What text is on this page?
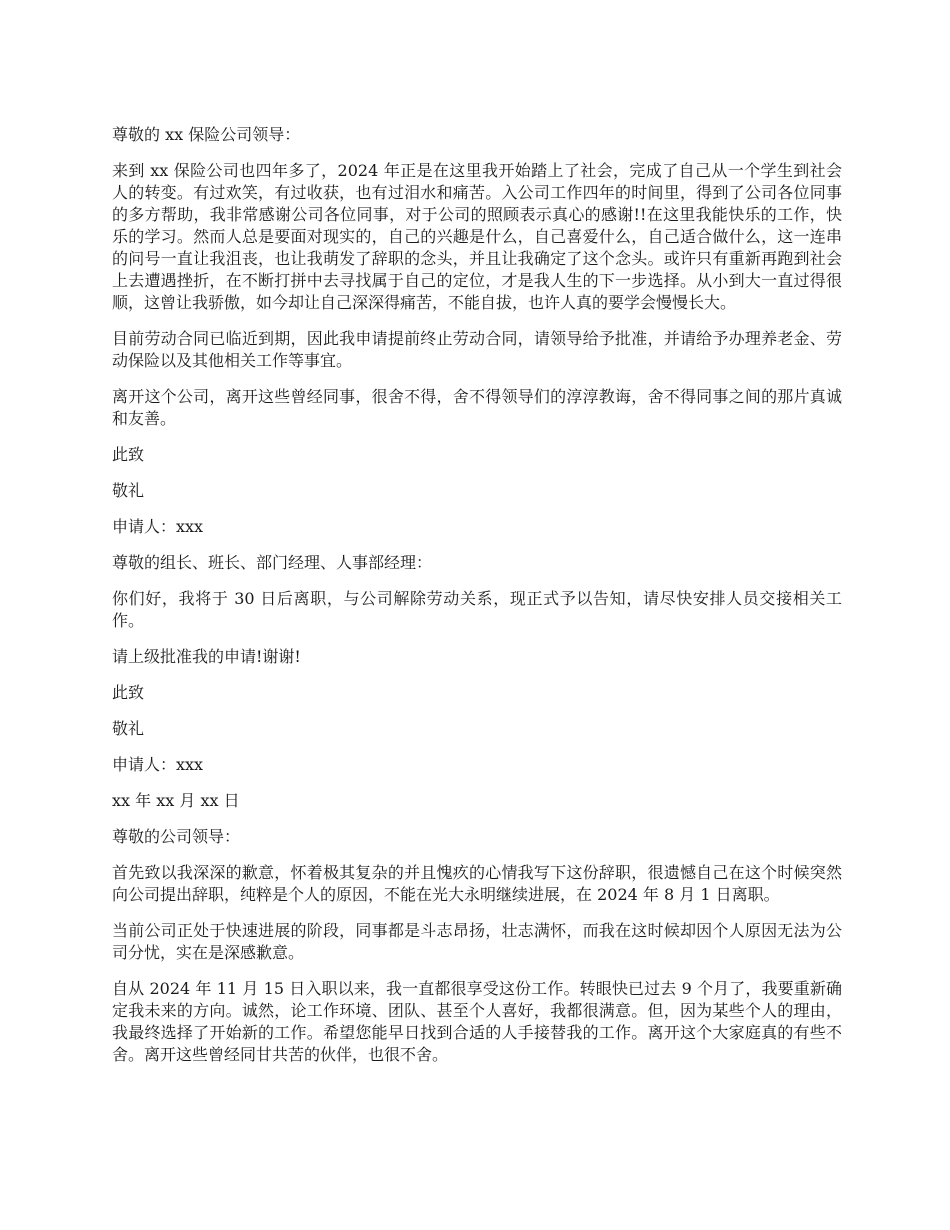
尊敬的 xx 保险公司领导：

来到 xx 保险公司也四年多了，2024 年正是在这里我开始踏上了社会，完成了自己从一个学生到社会人的转变。有过欢笑，有过收获，也有过泪水和痛苦。入公司工作四年的时间里，得到了公司各位同事的多方帮助，我非常感谢公司各位同事，对于公司的照顾表示真心的感谢!!在这里我能快乐的工作，快乐的学习。然而人总是要面对现实的，自己的兴趣是什么，自己喜爱什么，自己适合做什么，这一连串的问号一直让我沮丧，也让我萌发了辞职的念头，并且让我确定了这个念头。或许只有重新再跑到社会上去遭遇挫折，在不断打拼中去寻找属于自己的定位，才是我人生的下一步选择。从小到大一直过得很顺，这曾让我骄傲，如今却让自己深深得痛苦，不能自拔，也许人真的要学会慢慢长大。

目前劳动合同已临近到期，因此我申请提前终止劳动合同，请领导给予批准，并请给予办理养老金、劳动保险以及其他相关工作等事宜。

离开这个公司，离开这些曾经同事，很舍不得，舍不得领导们的淳淳教诲，舍不得同事之间的那片真诚和友善。

此致

敬礼

申请人：xxx

尊敬的组长、班长、部门经理、人事部经理：

你们好，我将于 30 日后离职，与公司解除劳动关系，现正式予以告知，请尽快安排人员交接相关工作。

请上级批准我的申请!谢谢!

此致

敬礼

申请人：xxx

xx 年 xx 月 xx 日

尊敬的公司领导：

首先致以我深深的歉意，怀着极其复杂的并且愧疚的心情我写下这份辞职，很遗憾自己在这个时候突然向公司提出辞职，纯粹是个人的原因，不能在光大永明继续进展，在 2024 年 8 月 1 日离职。

当前公司正处于快速进展的阶段，同事都是斗志昂扬，壮志满怀，而我在这时候却因个人原因无法为公司分忧，实在是深感歉意。

自从 2024 年 11 月 15 日入职以来，我一直都很享受这份工作。转眼快已过去 9 个月了，我要重新确定我未来的方向。诚然，论工作环境、团队、甚至个人喜好，我都很满意。但，因为某些个人的理由，我最终选择了开始新的工作。希望您能早日找到合适的人手接替我的工作。离开这个大家庭真的有些不舍。离开这些曾经同甘共苦的伙伴，也很不舍。
